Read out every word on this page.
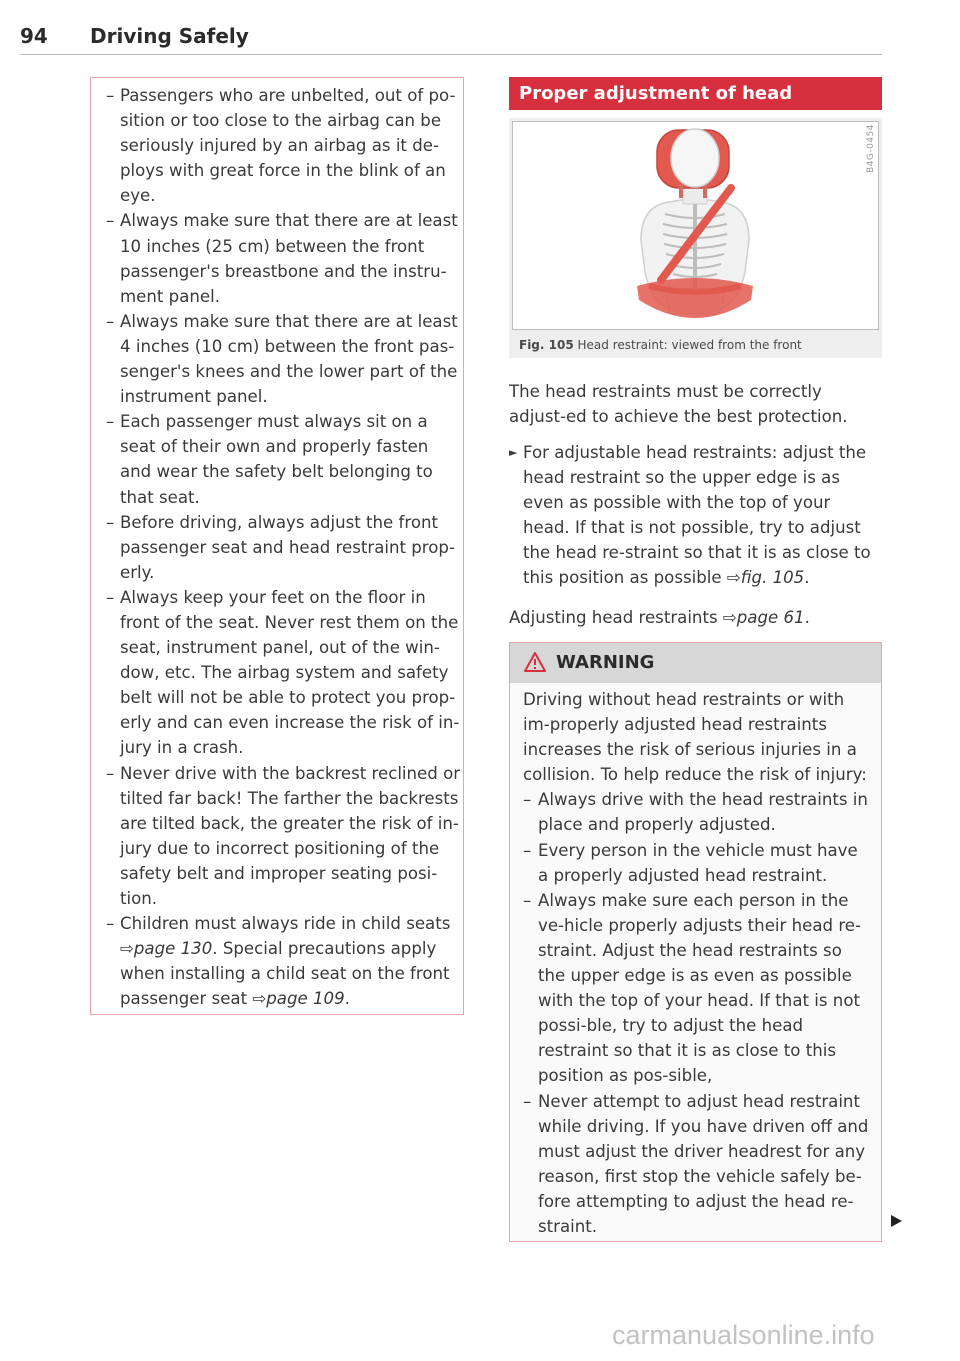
94 Driving Safely
– Passengers who are unbelted, out of po-sition or too close to the airbag can be seriously injured by an airbag as it de-ploys with great force in the blink of an eye.
– Always make sure that there are at least 10 inches (25 cm) between the front passenger's breastbone and the instru-ment panel.
– Always make sure that there are at least 4 inches (10 cm) between the front pas-senger's knees and the lower part of the instrument panel.
– Each passenger must always sit on a seat of their own and properly fasten and wear the safety belt belonging to that seat.
– Before driving, always adjust the front passenger seat and head restraint prop-erly.
– Always keep your feet on the floor in front of the seat. Never rest them on the seat, instrument panel, out of the win-dow, etc. The airbag system and safety belt will not be able to protect you prop-erly and can even increase the risk of in-jury in a crash.
– Never drive with the backrest reclined or tilted far back! The farther the backrests are tilted back, the greater the risk of in-jury due to incorrect positioning of the safety belt and improper seating posi-tion.
– Children must always ride in child seats ⇨page 130. Special precautions apply when installing a child seat on the front passenger seat ⇨page 109.
Proper adjustment of head
B4G-0454
Fig. 105 Head restraint: viewed from the front

The head restraints must be correctly adjust-ed to achieve the best protection.

► For adjustable head restraints: adjust the head restraint so the upper edge is as even as possible with the top of your head. If that is not possible, try to adjust the head re-straint so that it is as close to this position as possible ⇨fig. 105.

Adjusting head restraints ⇨page 61.

WARNING

Driving without head restraints or with im-properly adjusted head restraints increases the risk of serious injuries in a collision. To help reduce the risk of injury:

– Always drive with the head restraints in place and properly adjusted.
– Every person in the vehicle must have a properly adjusted head restraint.
– Always make sure each person in the ve-hicle properly adjusts their head re-straint. Adjust the head restraints so the upper edge is as even as possible with the top of your head. If that is not possi-ble, try to adjust the head restraint so that it is as close to this position as pos-sible,
– Never attempt to adjust head restraint while driving. If you have driven off and must adjust the driver headrest for any reason, first stop the vehicle safely be-fore attempting to adjust the head re-straint.
carmanualsonline.info
